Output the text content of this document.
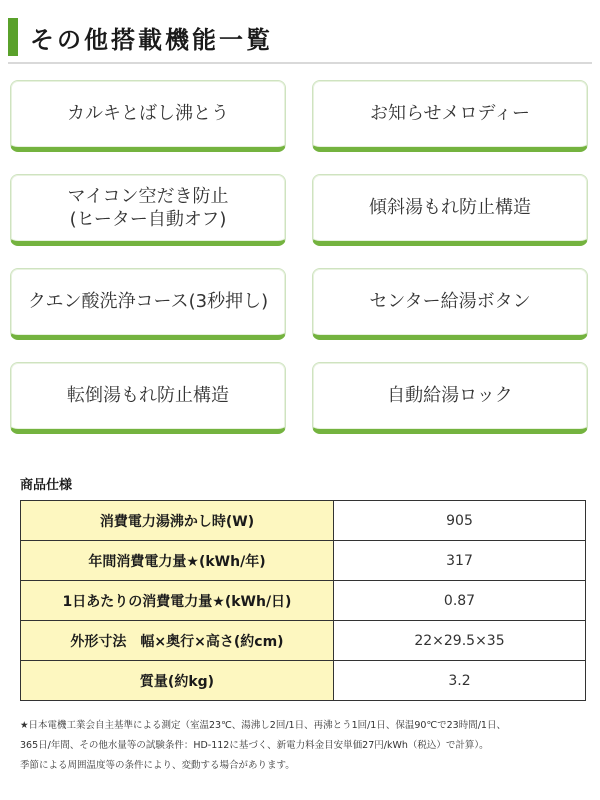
その他搭載機能一覧
カルキとばし沸とう	お知らせメロディー
マイコン空だき防止
(ヒーター自動オフ)
傾斜湯もれ防止構造
クエン酸洗浄コース(3秒押し)	センター給湯ボタン
転倒湯もれ防止構造	自動給湯ロック
商品仕様
消費電力湯沸かし時(W)	905
年間消費電力量★(kWh/年)	317
1日あたりの消費電力量★(kWh/日)	0.87
外形寸法　幅×奥行×高さ(約cm)	22×29.5×35
質量(約kg)	3.2
★日本電機工業会自主基準による測定（室温23℃、湯沸し2回/1日、再沸とう1回/1日、保温90℃で23時間/1日、
365日/年間、その他水量等の試験条件：HD-112に基づく、新電力料金目安単価27円/kWh（税込）で計算）。
季節による周囲温度等の条件により、変動する場合があります。
